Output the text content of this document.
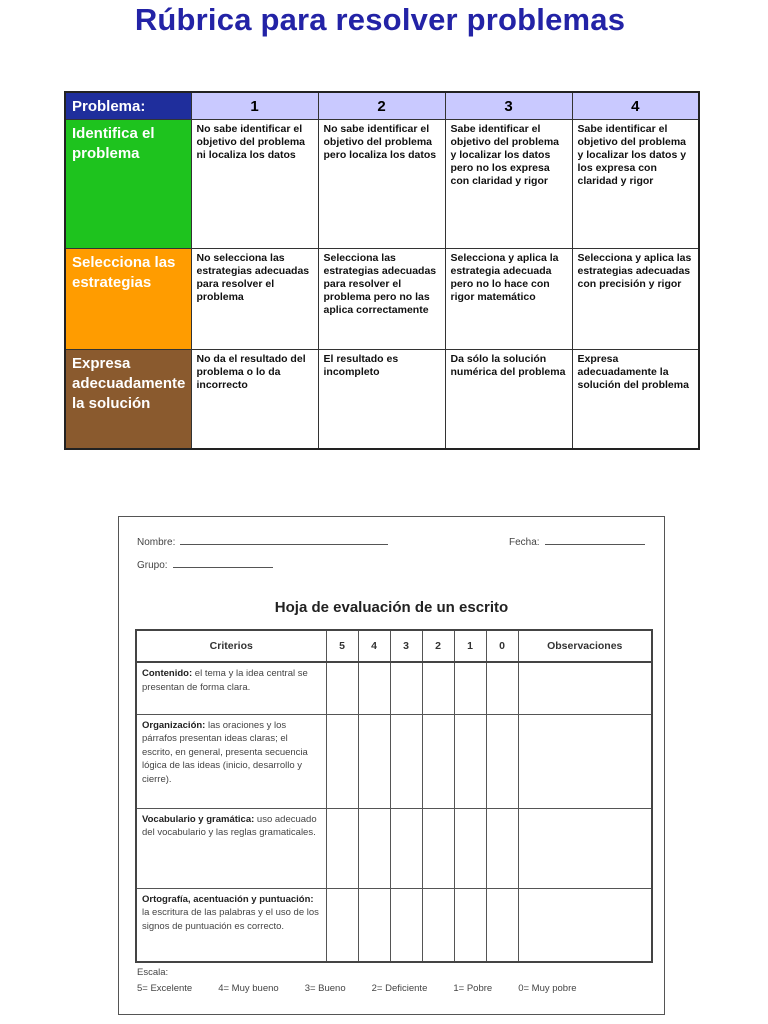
Rúbrica para resolver problemas
Problema:	1	2	3	4
Identifica el problema	No sabe identificar el objetivo del problema ni localiza los datos	No sabe identificar el objetivo del problema pero localiza los datos	Sabe identificar el objetivo del problema y localizar los datos pero no los expresa con claridad y rigor	Sabe identificar el objetivo del problema y localizar los datos y los expresa con claridad y rigor
Selecciona las estrategias	No selecciona las estrategias adecuadas para resolver el problema	Selecciona las estrategias adecuadas para resolver el problema pero no las aplica correctamente	Selecciona y aplica la estrategia adecuada pero no lo hace con rigor matemático	Selecciona y aplica las estrategias adecuadas con precisión y rigor
Expresa adecuadamente la solución	No da el resultado del problema o lo da incorrecto	El resultado es incompleto	Da sólo la solución numérica del problema	Expresa adecuadamente la solución del problema
Nombre:	Fecha:
Grupo:
Hoja de evaluación de un escrito
Criterios	5	4	3	2	1	0	Observaciones
Contenido: el tema y la idea central se presentan de forma clara.							
Organización: las oraciones y los párrafos presentan ideas claras; el escrito, en general, presenta secuencia lógica de las ideas (inicio, desarrollo y cierre).							
Vocabulario y gramática: uso adecuado del vocabulario y las reglas gramaticales.							
Ortografía, acentuación y puntuación: la escritura de las palabras y el uso de los signos de puntuación es correcto.							
Escala:
5= Excelente	4= Muy bueno	3= Bueno	2= Deficiente	1= Pobre	0= Muy pobre
